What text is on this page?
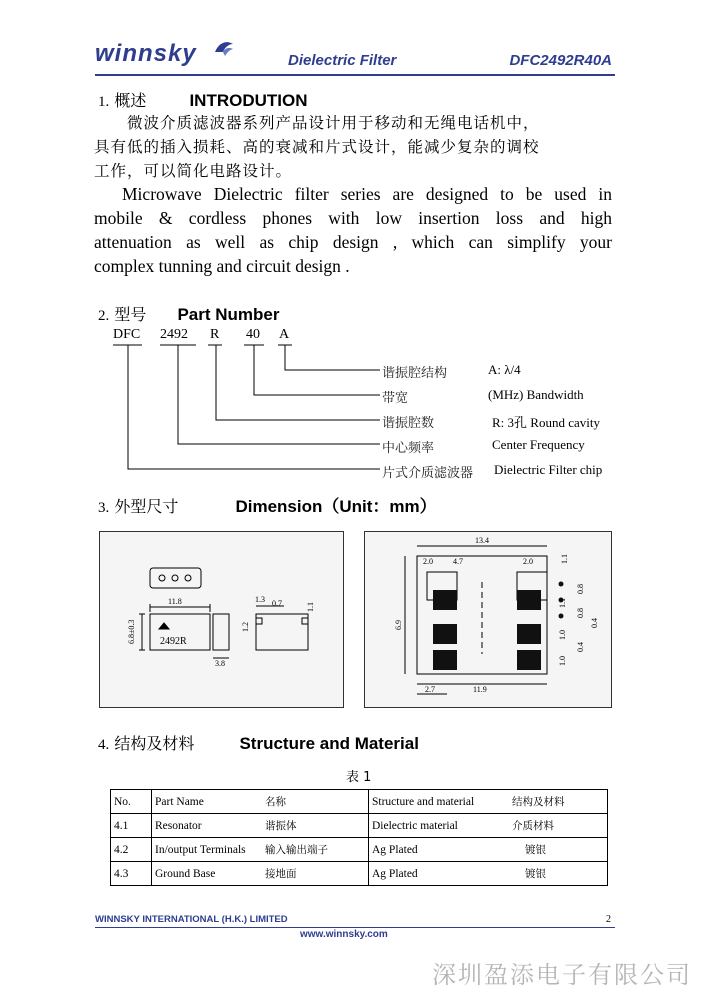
winnsky	Dielectric Filter	DFC2492R40A
1. 概述	INTRODUTION
　　微波介质滤波器系列产品设计用于移动和无绳电话机中，
具有低的插入损耗、高的衰减和片式设计，能减少复杂的调校
工作，可以简化电路设计。
Microwave Dielectric filter series are designed to be used in
mobile & cordless phones with low insertion loss and high
attenuation as well as chip design , which can simplify your
complex tunning and circuit design .
2. 型号 Part Number
DFC 2492 R 40 A
谐振腔结构	A: λ/4
带宽	(MHz) Bandwidth
谐振腔数	R: 3孔 Round cavity
中心频率	Center Frequency
片式介质滤波器 Dielectric Filter chip
3. 外型尺寸	Dimension（Unit：mm）
11.8
6.8±0.3 2492R
3.8
1.3 0.7
1.2
1.1
13.4
2.0	4.7	2.0	1.1
6.9
0.8
1.1
0.8
0.4
1.0
1.0
0.4
2.7	11.9
4. 结构及材料	Structure and Material
表 1
No.	Part Name	名称	Structure and material	结构及材料
4.1	Resonator	谐振体	Dielectric material	介质材料
4.2	In/output Terminals	输入输出端子	Ag Plated	镀银
4.3	Ground Base	接地面	Ag Plated	镀银
WINNSKY INTERNATIONAL (H.K.) LIMITED	2
www.winnsky.com
深圳盈添电子有限公司
